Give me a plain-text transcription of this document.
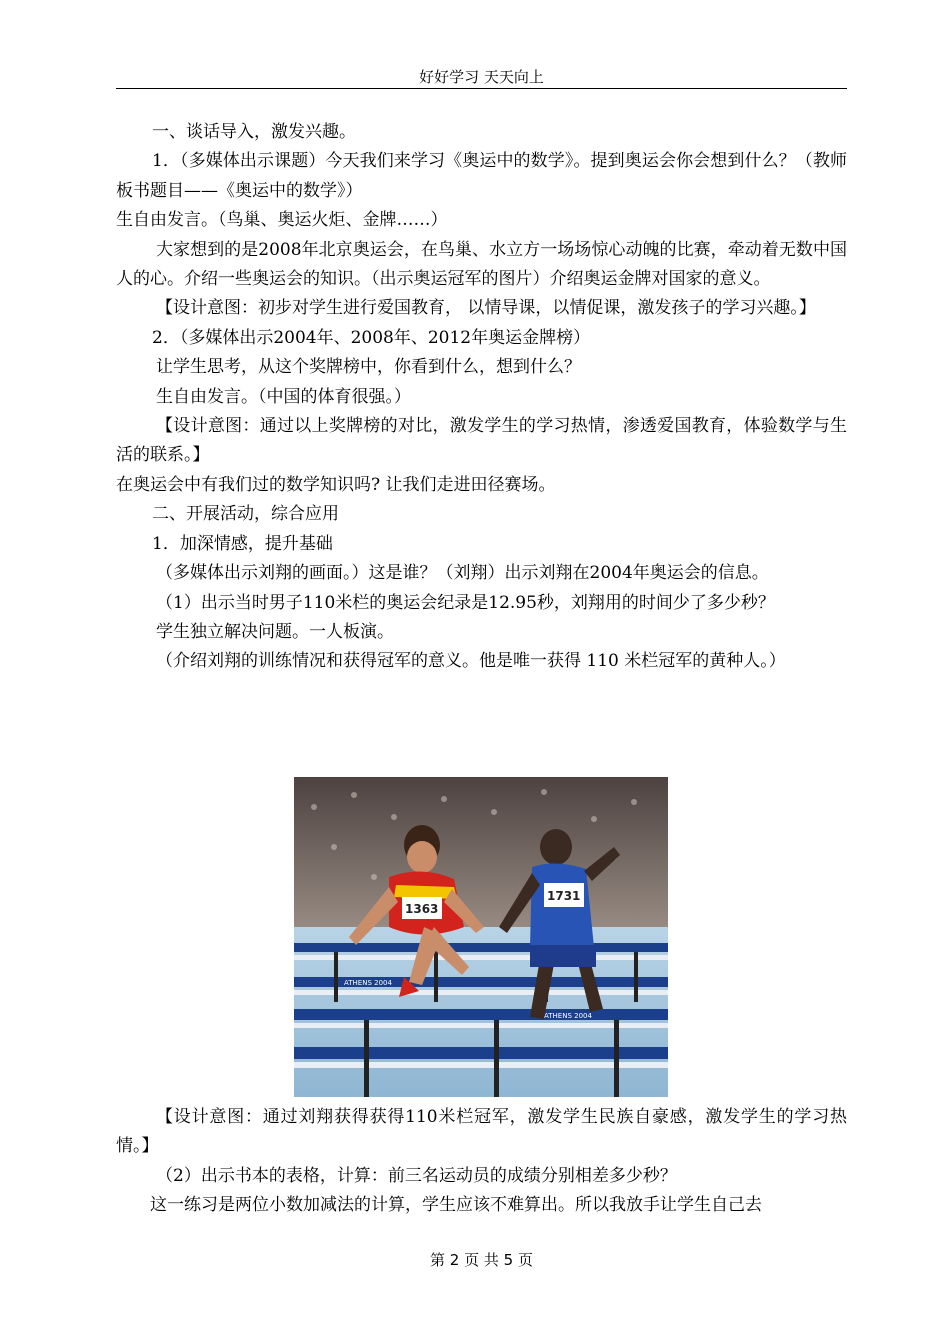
好好学习 天天向上

一、谈话导入，激发兴趣。

1．（多媒体出示课题）今天我们来学习《奥运中的数学》。提到奥运会你会想到什么？（教师板书题目——《奥运中的数学》）

生自由发言。（鸟巢、奥运火炬、金牌……）

大家想到的是2008年北京奥运会，在鸟巢、水立方一场场惊心动魄的比赛，牵动着无数中国人的心。介绍一些奥运会的知识。（出示奥运冠军的图片）介绍奥运金牌对国家的意义。

【设计意图：初步对学生进行爱国教育， 以情导课，以情促课，激发孩子的学习兴趣。】

2．（多媒体出示2004年、2008年、2012年奥运金牌榜）

让学生思考，从这个奖牌榜中，你看到什么，想到什么？

生自由发言。（中国的体育很强。）

【设计意图：通过以上奖牌榜的对比，激发学生的学习热情，渗透爱国教育，体验数学与生活的联系。】

在奥运会中有我们过的数学知识吗? 让我们走进田径赛场。

二、开展活动，综合应用

1．加深情感，提升基础

（多媒体出示刘翔的画面。）这是谁？（刘翔）出示刘翔在2004年奥运会的信息。

（1）出示当时男子110米栏的奥运会纪录是12.95秒，刘翔用的时间少了多少秒？

学生独立解决问题。一人板演。

（介绍刘翔的训练情况和获得冠军的意义。他是唯一获得 110 米栏冠军的黄种人。）

ATHENS 2004
ATHENS 2004
1363
1731

【设计意图：通过刘翔获得获得110米栏冠军，激发学生民族自豪感，激发学生的学习热情。】

（2）出示书本的表格，计算：前三名运动员的成绩分别相差多少秒？

这一练习是两位小数加减法的计算，学生应该不难算出。所以我放手让学生自己去

第 2 页 共 5 页
